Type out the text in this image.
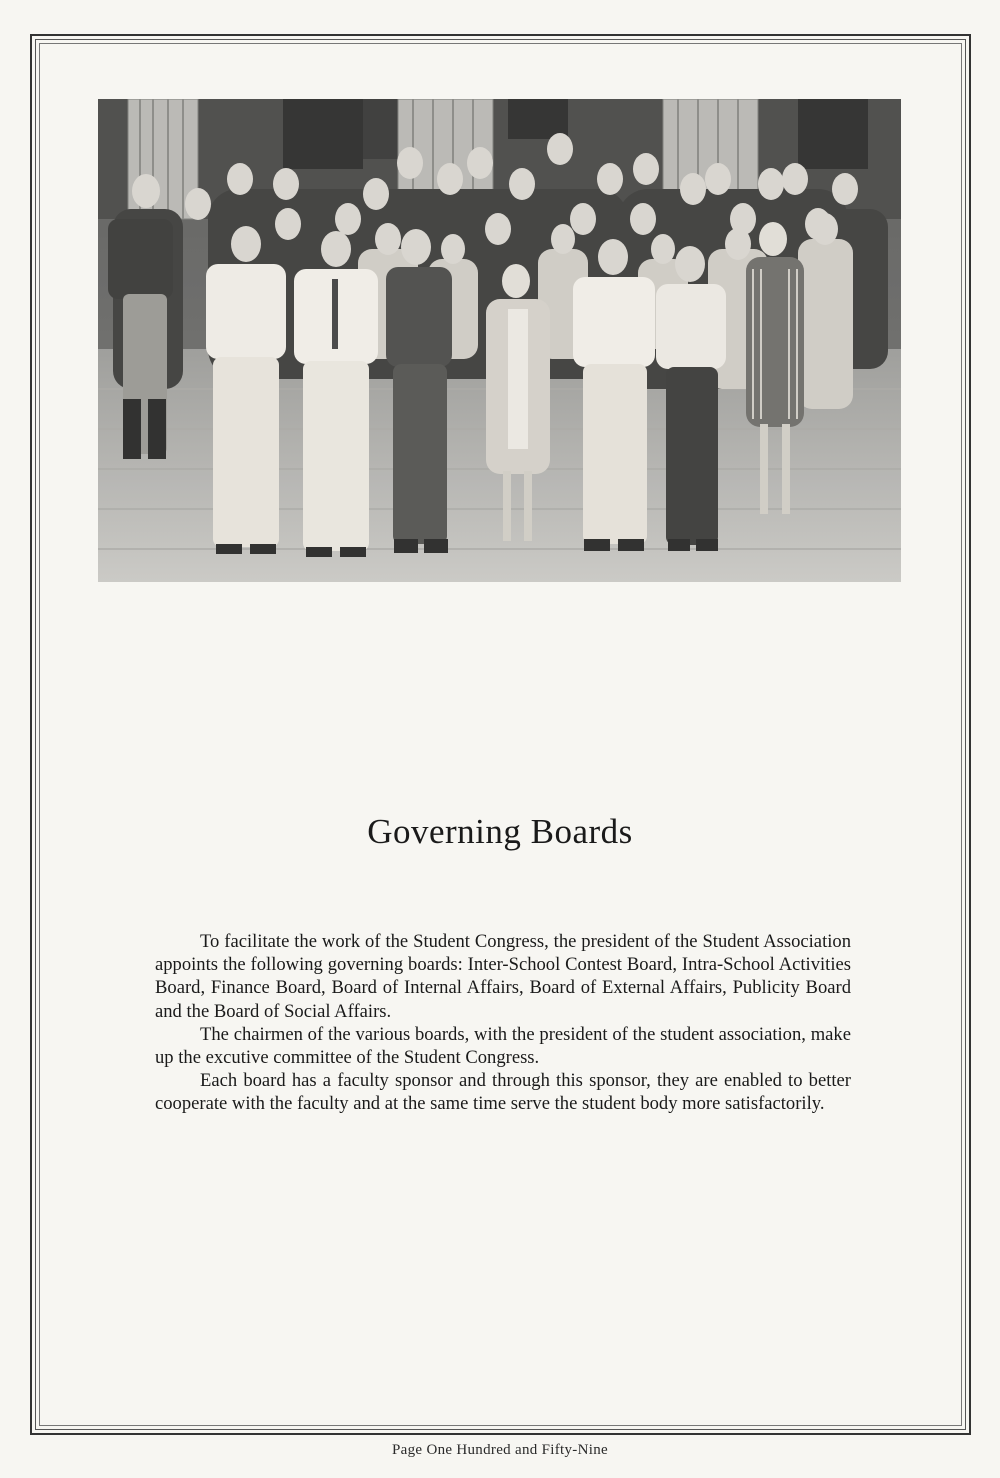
Governing Boards

To facilitate the work of the Student Congress, the president of the Student Association appoints the following governing boards: Inter-School Contest Board, Intra-School Activities Board, Finance Board, Board of Internal Affairs, Board of External Affairs, Publicity Board and the Board of Social Affairs.

The chairmen of the various boards, with the president of the student association, make up the excutive committee of the Student Congress.

Each board has a faculty sponsor and through this sponsor, they are enabled to better cooperate with the faculty and at the same time serve the student body more satisfactorily.

Page One Hundred and Fifty-Nine
